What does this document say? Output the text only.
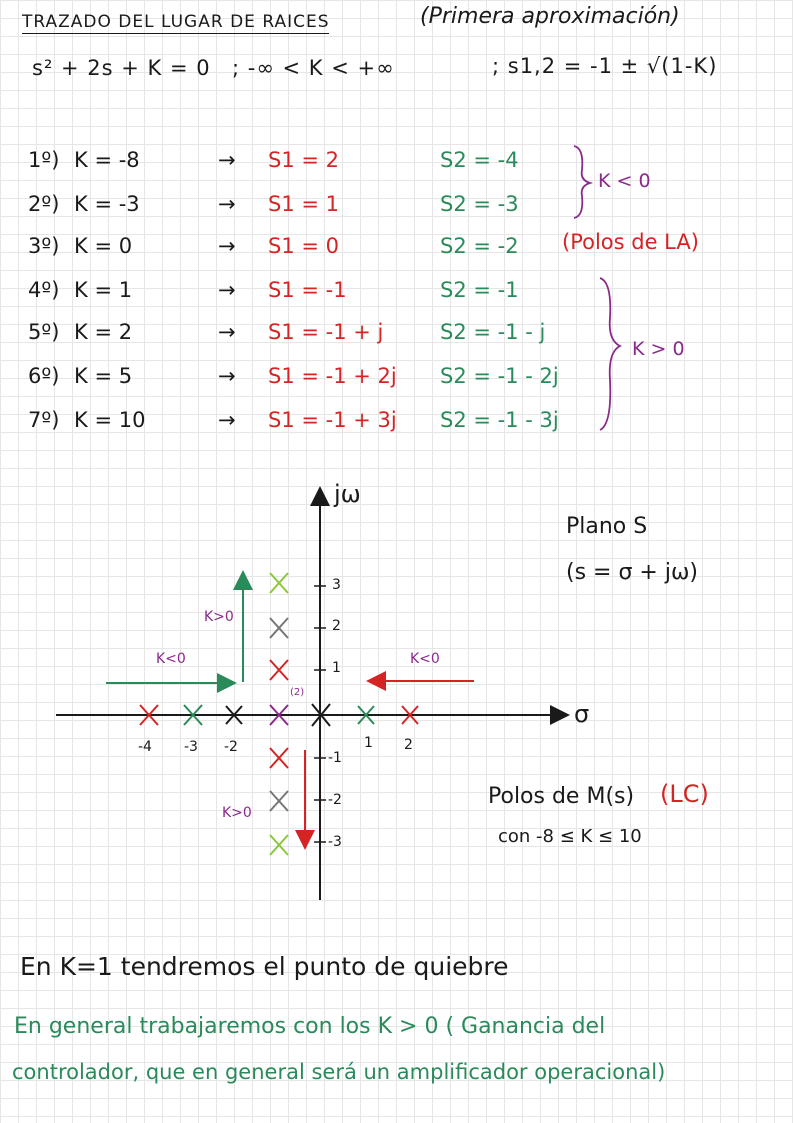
TRAZADO DEL LUGAR DE RAICES	(Primera aproximación)
s² + 2s + K = 0 ; -∞ < K < +∞	; s1,2 = -1 ± √(1-K)
1º) K = -8	→ S1 = 2	S2 = -4
2º) K = -3	→ S1 = 1	S2 = -3
3º) K = 0	→ S1 = 0	S2 = -2
4º) K = 1	→ S1 = -1	S2 = -1
5º) K = 2	→ S1 = -1 + j	S2 = -1 - j
6º) K = 5	→ S1 = -1 + 2j S2 = -1 - 2j
7º) K = 10	→ S1 = -1 + 3j S2 = -1 - 3j
K < 0
(Polos de LA)
K > 0
jω
σ
-4 -3 -2	1 2
3
2
1
-1
-2
-3
K>0
K<0	K<0
K>0
(2)
Plano S
(s = σ + jω)
Polos de M(s) (LC)
con -8 ≤ K ≤ 10
En K=1 tendremos el punto de quiebre
En general trabajaremos con los K > 0 ( Ganancia del
controlador, que en general será un amplificador operacional)
